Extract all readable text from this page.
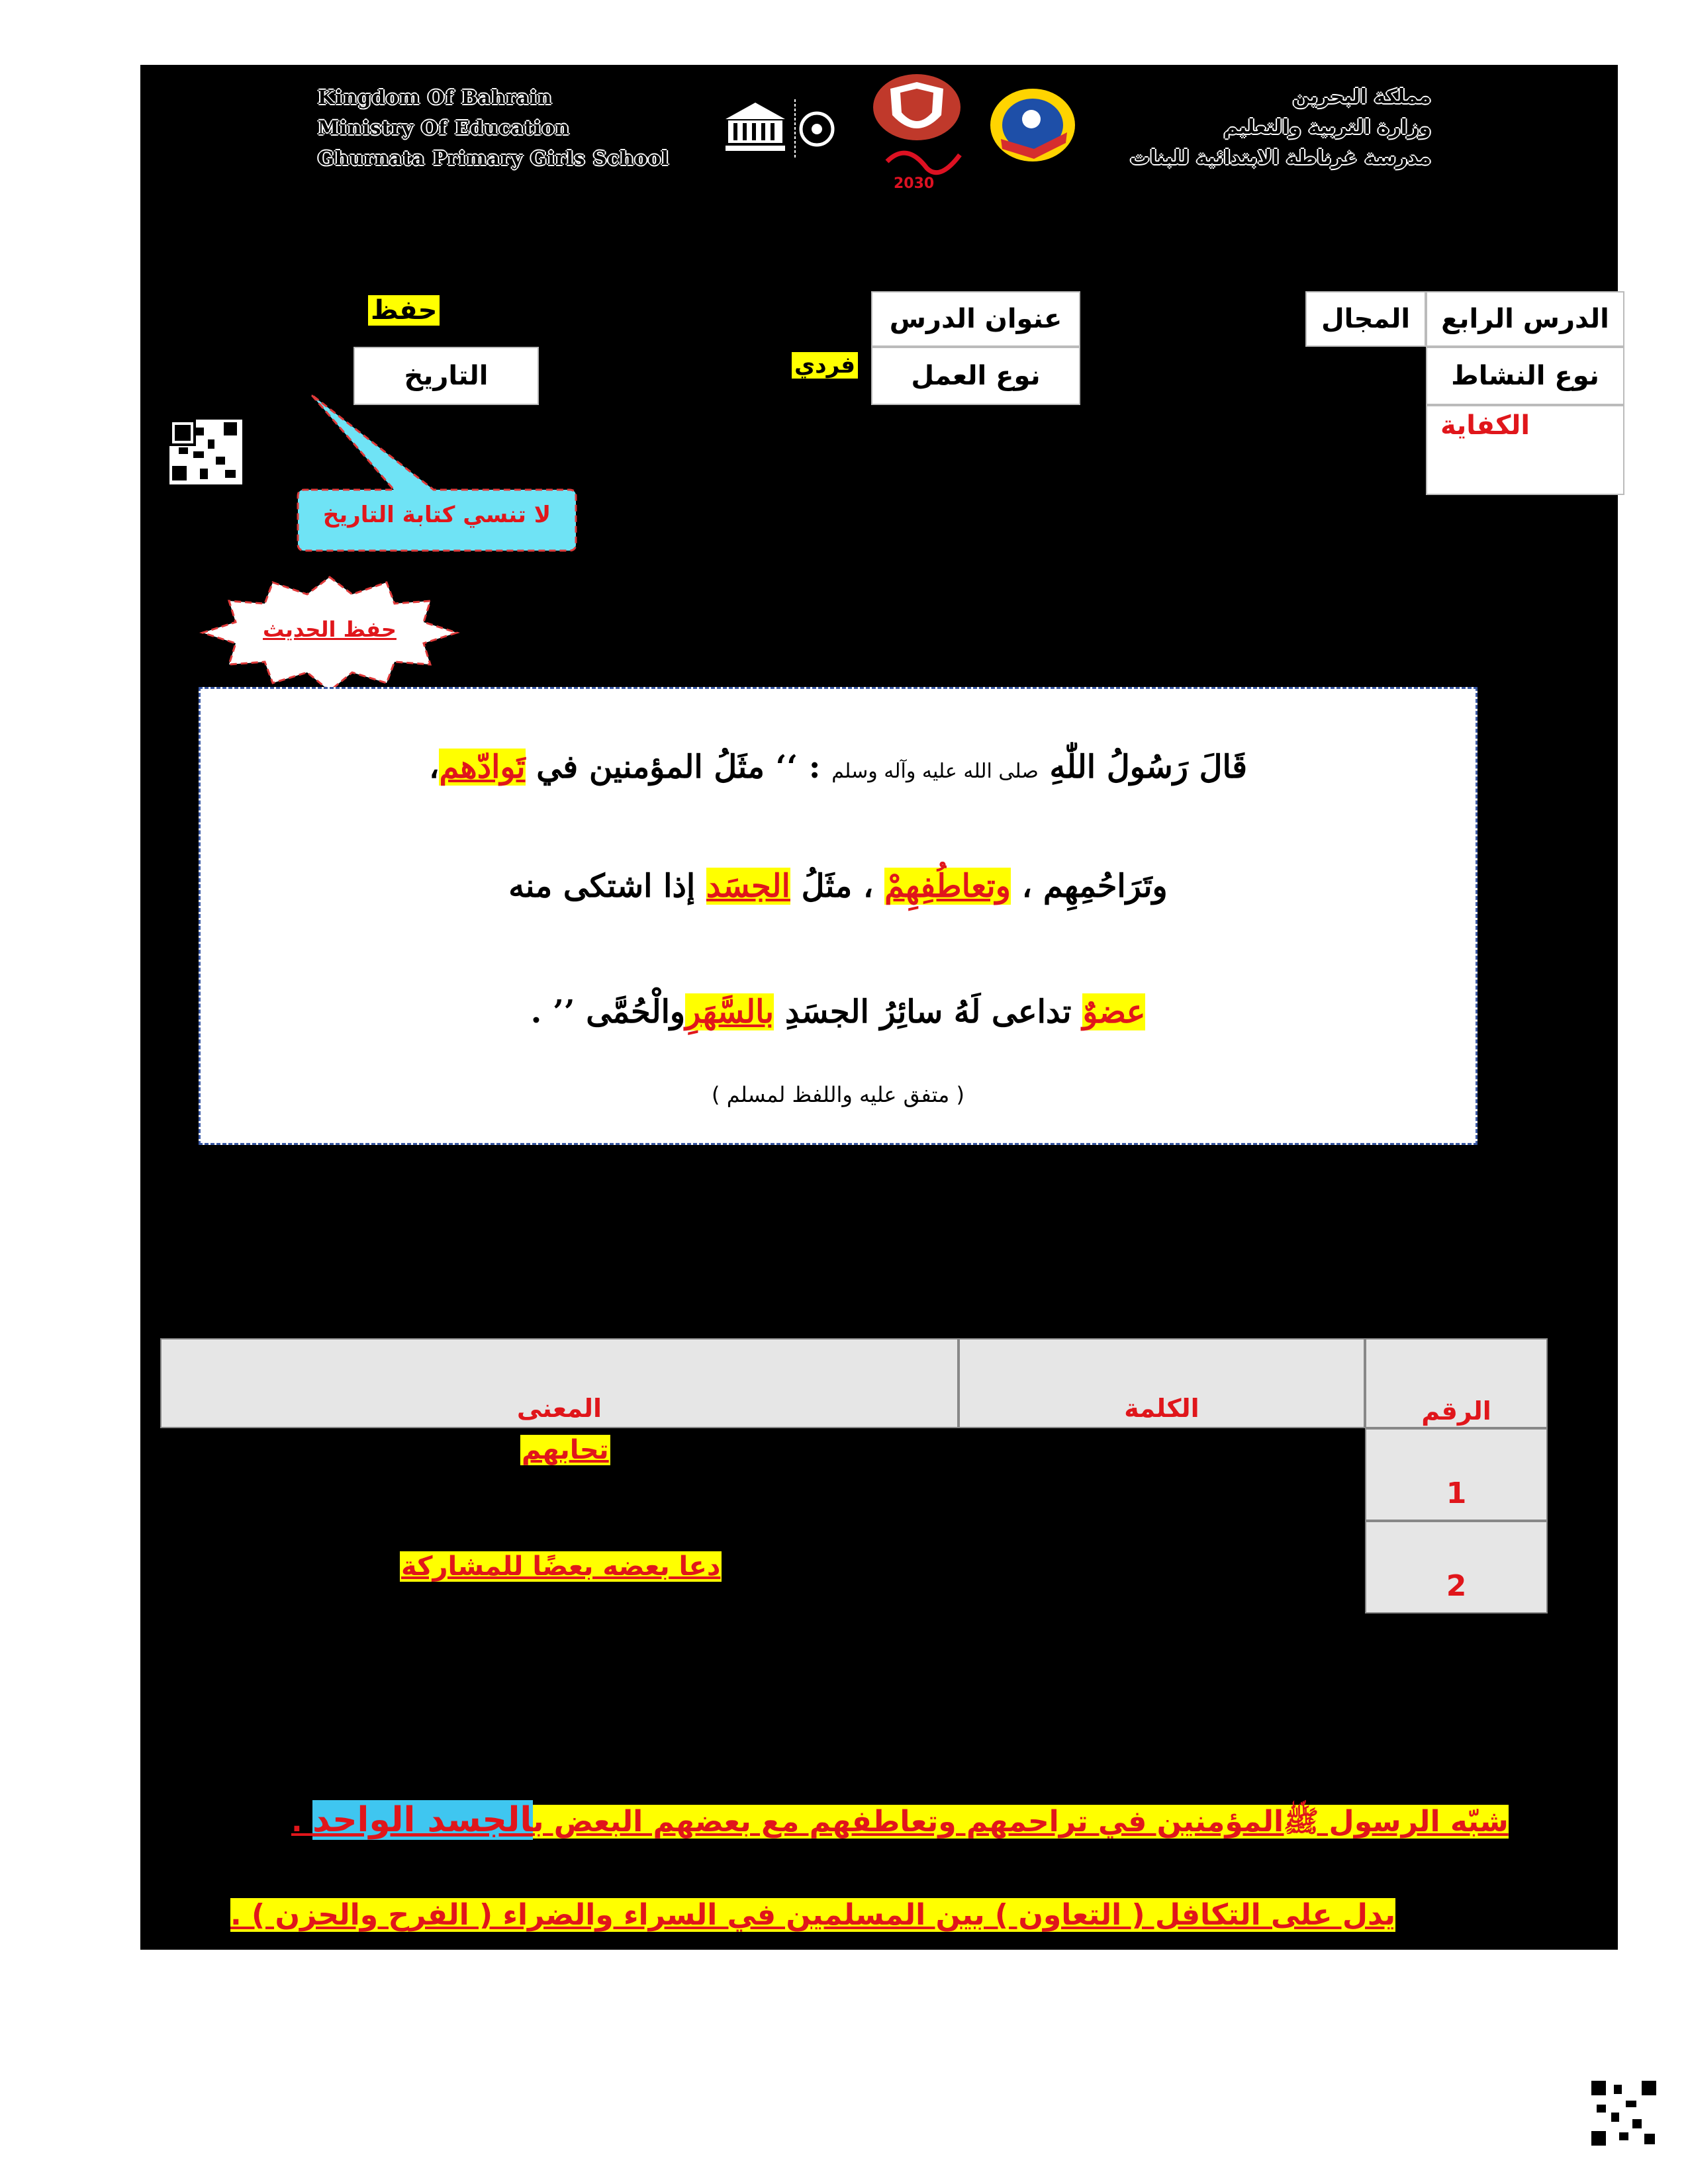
Kingdom Of Bahrain
Ministry Of Education
Ghurnata Primary Girls School
مملكة البحرين
وزارة التربية والتعليم
مدرسة غرناطة الابتدائية للبنات
2030
الدرس الرابع
المجال
عنوان الدرس
حفظ
نوع النشاط
نوع العمل
فردي
التاريخ
الكفاية
لا تنسي كتابة التاريخ
حفظ الحديث
قَالَ رَسُولُ اللّٰهِ صلى الله عليه وآله وسلم : ‘‘ مثَلُ المؤمنين في تَوادّهم،
وتَرَاحُمِهِم ، وتعاطُفِهِمْ ، مثَلُ الجسَد إذا اشتكى منه
عضوٌ تداعى لَهُ سائِرُ الجسَدِ بالسَّهَرِوالْحُمَّى ’’ .
( متفق عليه واللفظ لمسلم )
المعنى	الكلمة	الرقم
1
2
تحابهم
دعا بعضه بعضًا للمشاركة
شبّه الرسول ﷺالمؤمنين في تراحمهم وتعاطفهم مع بعضهم البعض بالجسد الواحد .
يدل على التكافل ( التعاون ) بين المسلمين في السراء والضراء ( الفرح والحزن ) .
